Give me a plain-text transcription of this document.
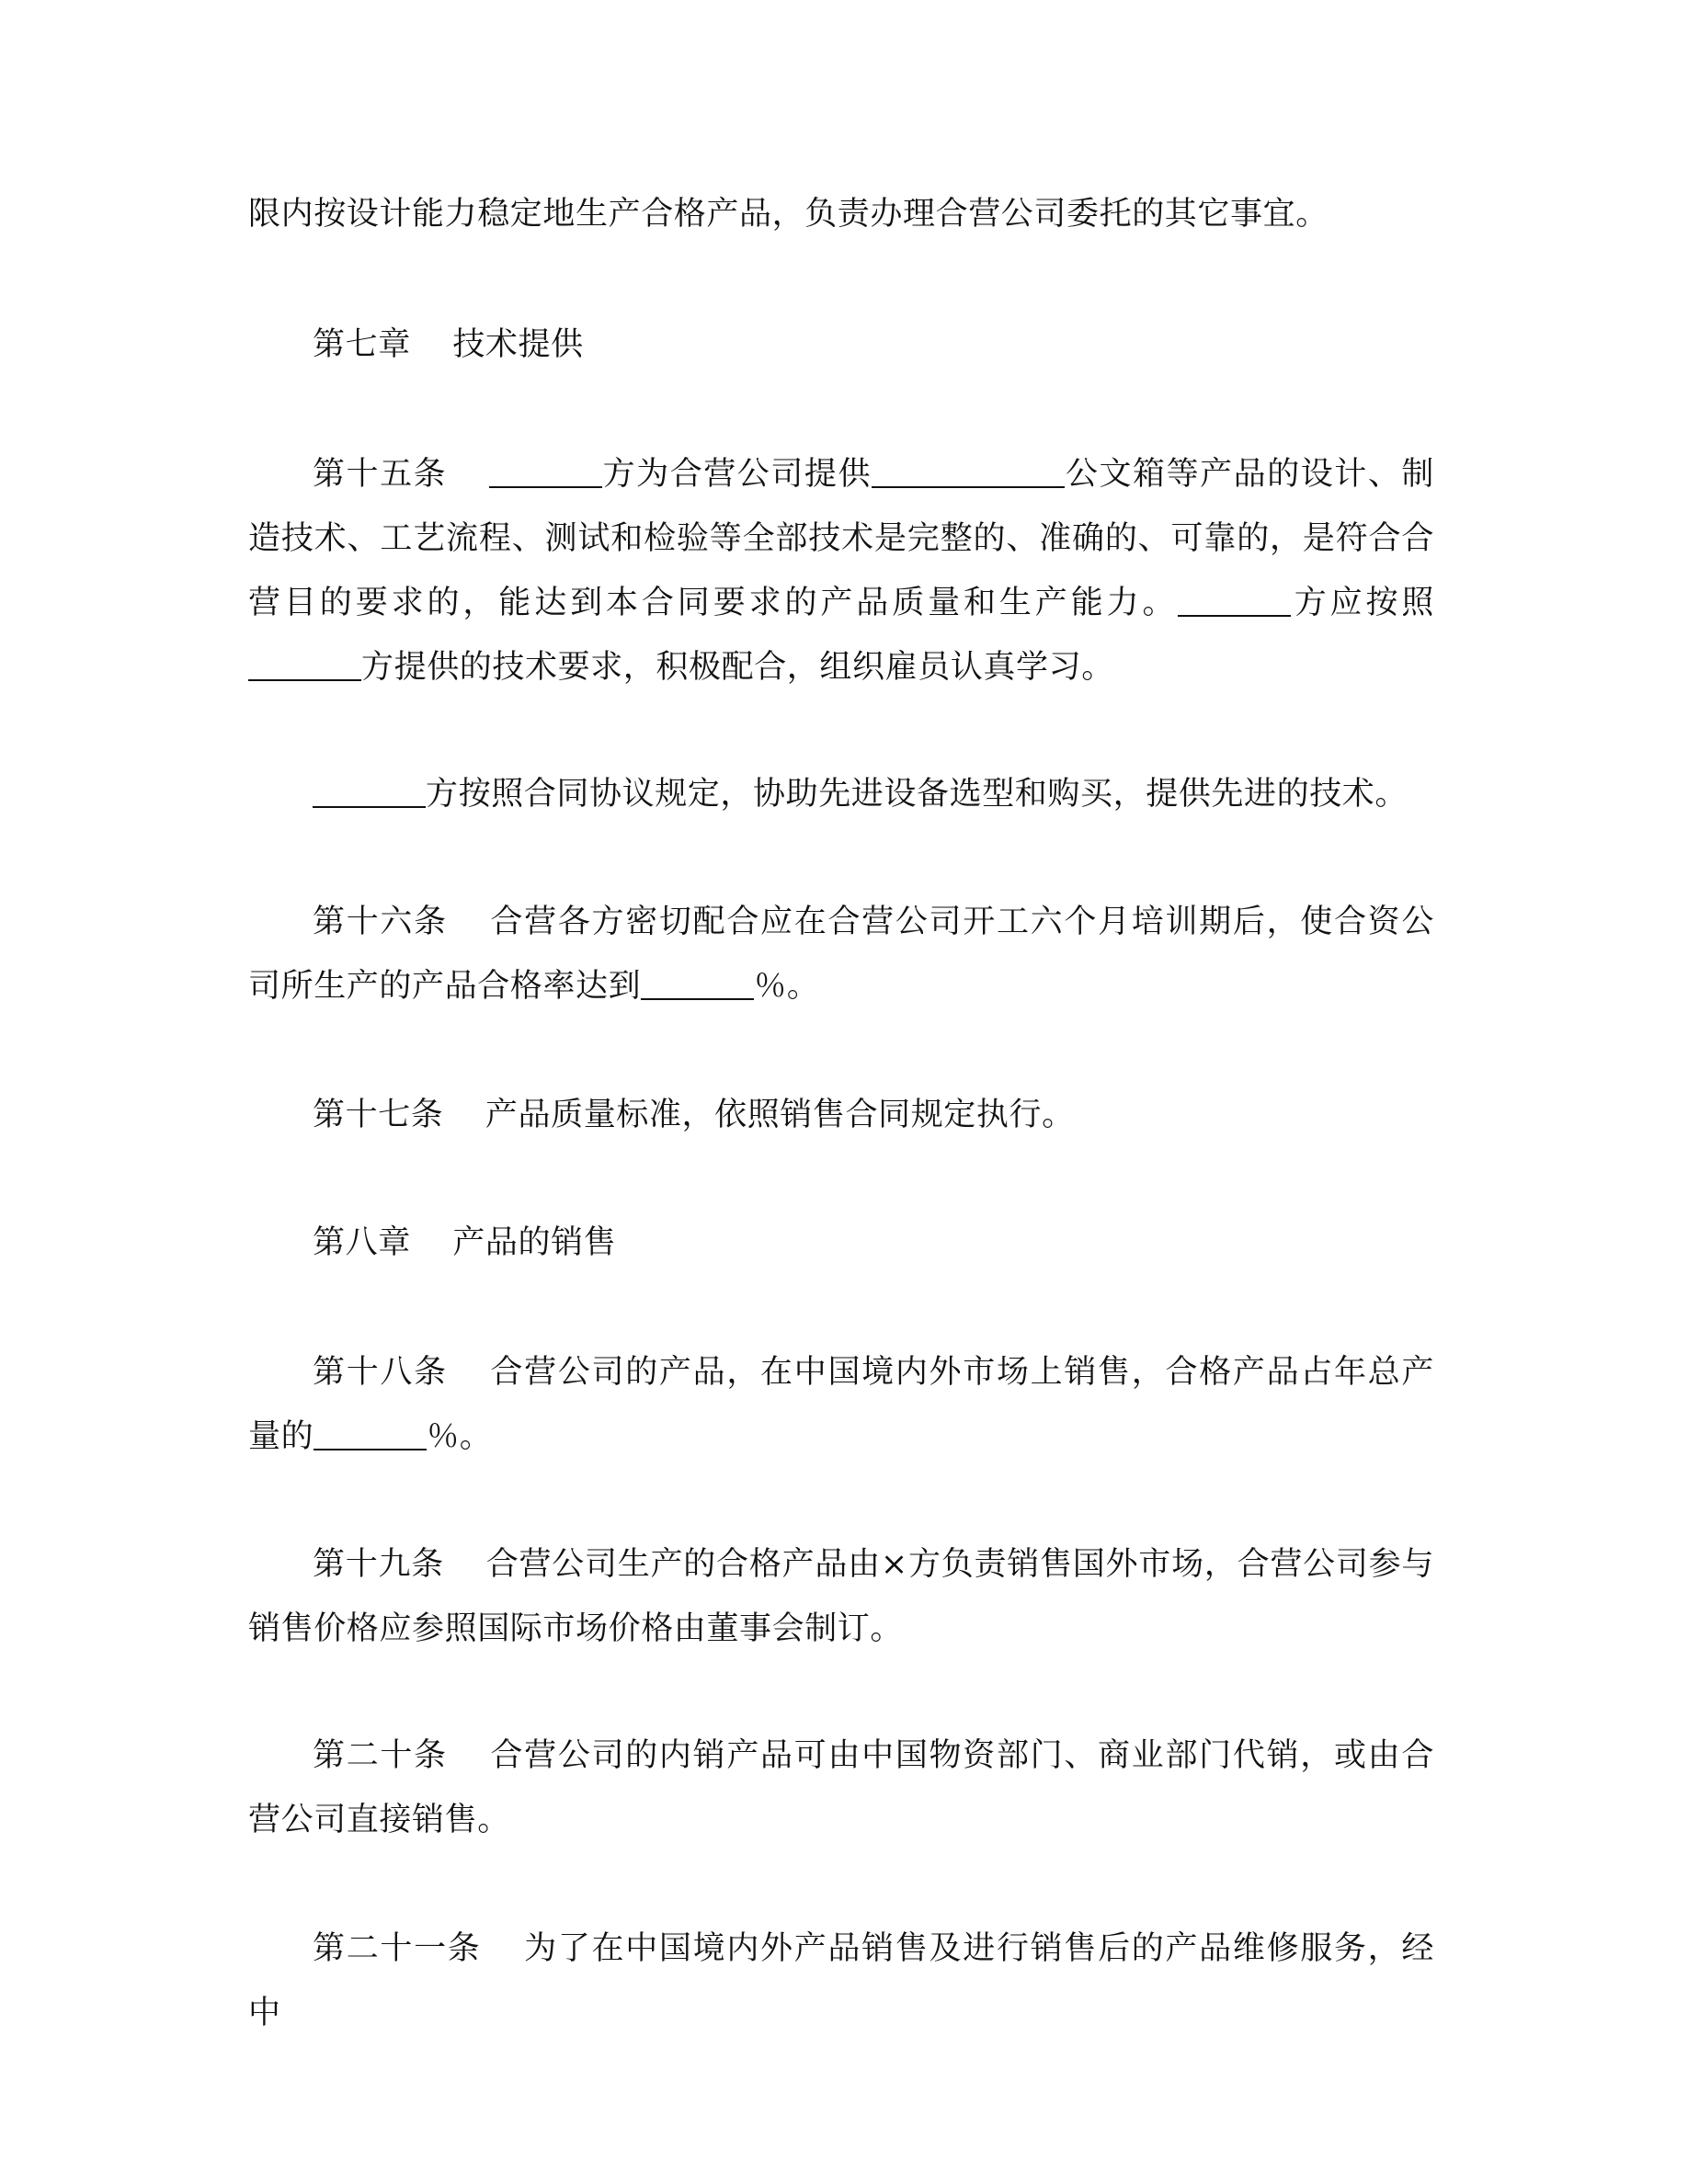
限内按设计能力稳定地生产合格产品，负责办理合营公司委托的其它事宜。

第七章 技术提供

第十五条	方为合营公司提供	公文箱等产品的设计、制造技术、工艺流程、测试和检验等全部技术是完整的、准确的、可靠的，是符合合营目的要求的，能达到本合同要求的产品质量和生产能力。	方应按照方提供的技术要求，积极配合，组织雇员认真学习。

方按照合同协议规定，协助先进设备选型和购买，提供先进的技术。

第十六条 合营各方密切配合应在合营公司开工六个月培训期后，使合资公司所生产的产品合格率达到	％。

第十七条 产品质量标准，依照销售合同规定执行。

第八章 产品的销售

第十八条 合营公司的产品，在中国境内外市场上销售，合格产品占年总产量的	％。

第十九条 合营公司生产的合格产品由×方负责销售国外市场，合营公司参与销售价格应参照国际市场价格由董事会制订。

第二十条 合营公司的内销产品可由中国物资部门、商业部门代销，或由合营公司直接销售。

第二十一条 为了在中国境内外产品销售及进行销售后的产品维修服务，经中
